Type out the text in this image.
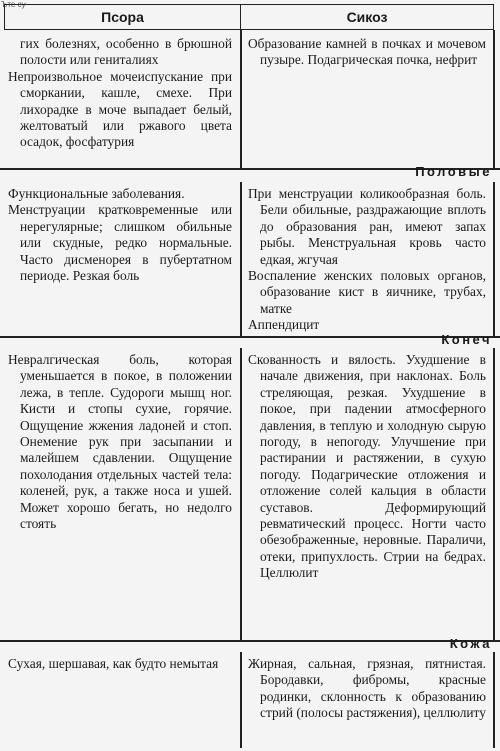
Ъте су
Псора	Сикоз
Половые
Конеч
Кожа

гих болезнях, особенно в брюшной полости или гениталиях

Непроизвольное мочеиспускание при сморкании, кашле, смехе. При лихорадке в моче выпадает белый, желтоватый или ржавого цвета осадок, фосфатурия

Образование камней в почках и мочевом пузыре. Подагрическая почка, нефрит

Функциональные заболевания.

Менструации кратковременные или нерегулярные; слишком обильные или скудные, редко нормальные. Часто дисменорея в пубертатном периоде. Резкая боль

При менструации коликообразная боль. Бели обильные, раздражающие вплоть до образования ран, имеют запах рыбы. Менструальная кровь часто едкая, жгучая

Воспаление женских половых органов, образование кист в яичнике, трубах, матке

Аппендицит

Невралгическая боль, которая уменьшается в покое, в положении лежа, в тепле. Судороги мышц ног. Кисти и стопы сухие, горячие. Ощущение жжения ладоней и стоп. Онемение рук при засыпании и малейшем сдавлении. Ощущение похолодания отдельных частей тела: коленей, рук, а также носа и ушей. Может хорошо бегать, но недолго стоять

Скованность и вялость. Ухудшение в начале движения, при наклонах. Боль стреляющая, резкая. Ухудшение в покое, при падении атмосферного давления, в теплую и холодную сырую погоду, в непогоду. Улучшение при растирании и растяжении, в сухую погоду. Подагрические отложения и отложение солей кальция в области суставов. Деформирующий ревматический процесс. Ногти часто обезображенные, неровные. Параличи, отеки, припухлость. Стрии на бедрах. Целлюлит

Сухая, шершавая, как будто немытая	Жирная, сальная, грязная, пятнистая. Бородавки, фибромы, красные родинки, склонность к образованию стрий (полосы растяжения), целлюлиту
